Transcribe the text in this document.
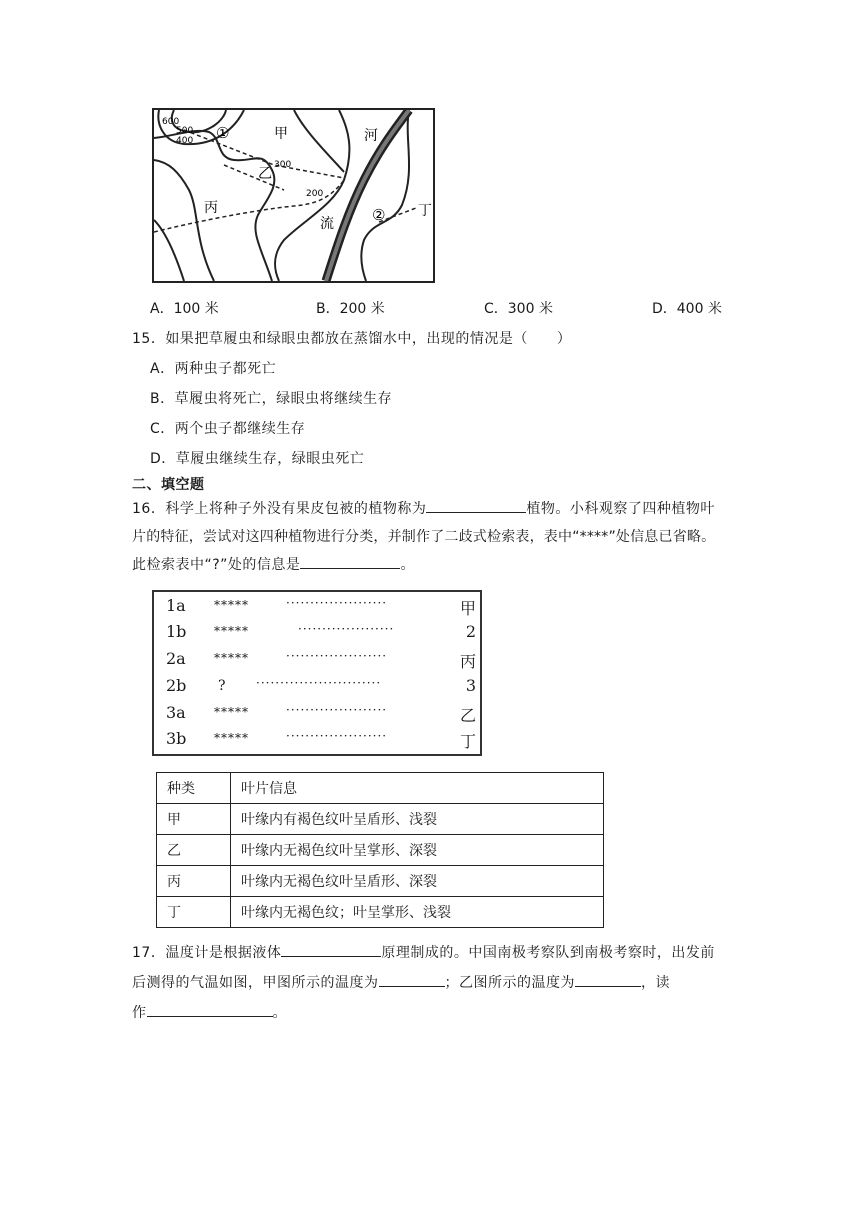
600
500
400
300
200
甲
乙
丙	丁
河
流
①
②
A．100 米	B．200 米	C．300 米	D．400 米
15．如果把草履虫和绿眼虫都放在蒸馏水中，出现的情况是（　　）
A．两种虫子都死亡
B．草履虫将死亡，绿眼虫将继续生存
C．两个虫子都继续生存
D．草履虫继续生存，绿眼虫死亡
二、填空题
16．科学上将种子外没有果皮包被的植物称为	植物。小科观察了四种植物叶
片的特征，尝试对这四种植物进行分类，并制作了二歧式检索表，表中“****”处信息已省略。
此检索表中“?”处的信息是	。
1a *****	·····················	甲
1b *****	····················	2
2a *****	·····················	丙
2b ? ··························	3
3a *****	·····················	乙
3b *****	·····················	丁
种类	叶片信息
甲	叶缘内有褐色纹叶呈盾形、浅裂
乙	叶缘内无褐色纹叶呈掌形、深裂
丙	叶缘内无褐色纹叶呈盾形、深裂
丁	叶缘内无褐色纹；叶呈掌形、浅裂
17．温度计是根据液体	原理制成的。中国南极考察队到南极考察时，出发前
后测得的气温如图，甲图所示的温度为	；乙图所示的温度为	，读
作	。
